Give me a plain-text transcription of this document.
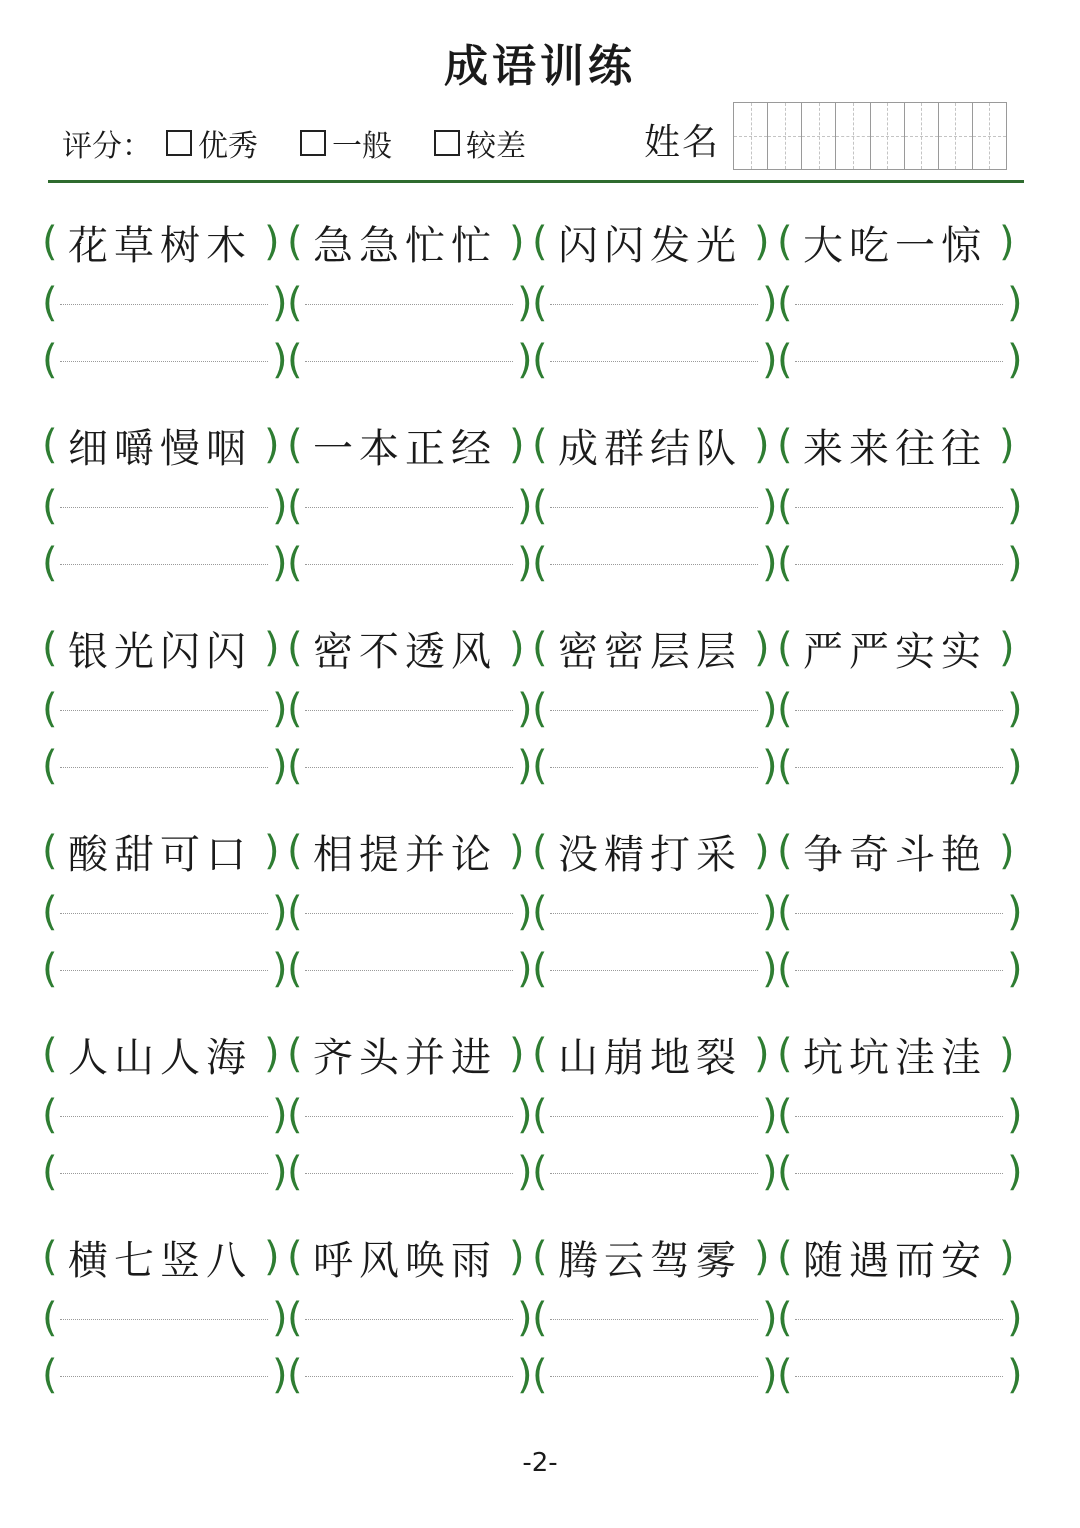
成语训练
评分： 优秀 一般 较差	姓名
( 花草树木 ) ( 急急忙忙 ) ( 闪闪发光 ) ( 大吃一惊 )
(	) (	) (	) (	)
(	) (	) (	) (	)
( 细嚼慢咽 ) ( 一本正经 ) ( 成群结队 ) ( 来来往往 )
(	) (	) (	) (	)
(	) (	) (	) (	)
( 银光闪闪 ) ( 密不透风 ) ( 密密层层 ) ( 严严实实 )
(	) (	) (	) (	)
(	) (	) (	) (	)
( 酸甜可口 ) ( 相提并论 ) ( 没精打采 ) ( 争奇斗艳 )
(	) (	) (	) (	)
(	) (	) (	) (	)
( 人山人海 ) ( 齐头并进 ) ( 山崩地裂 ) ( 坑坑洼洼 )
(	) (	) (	) (	)
(	) (	) (	) (	)
( 横七竖八 ) ( 呼风唤雨 ) ( 腾云驾雾 ) ( 随遇而安 )
(	) (	) (	) (	)
(	) (	) (	) (	)
-2-
